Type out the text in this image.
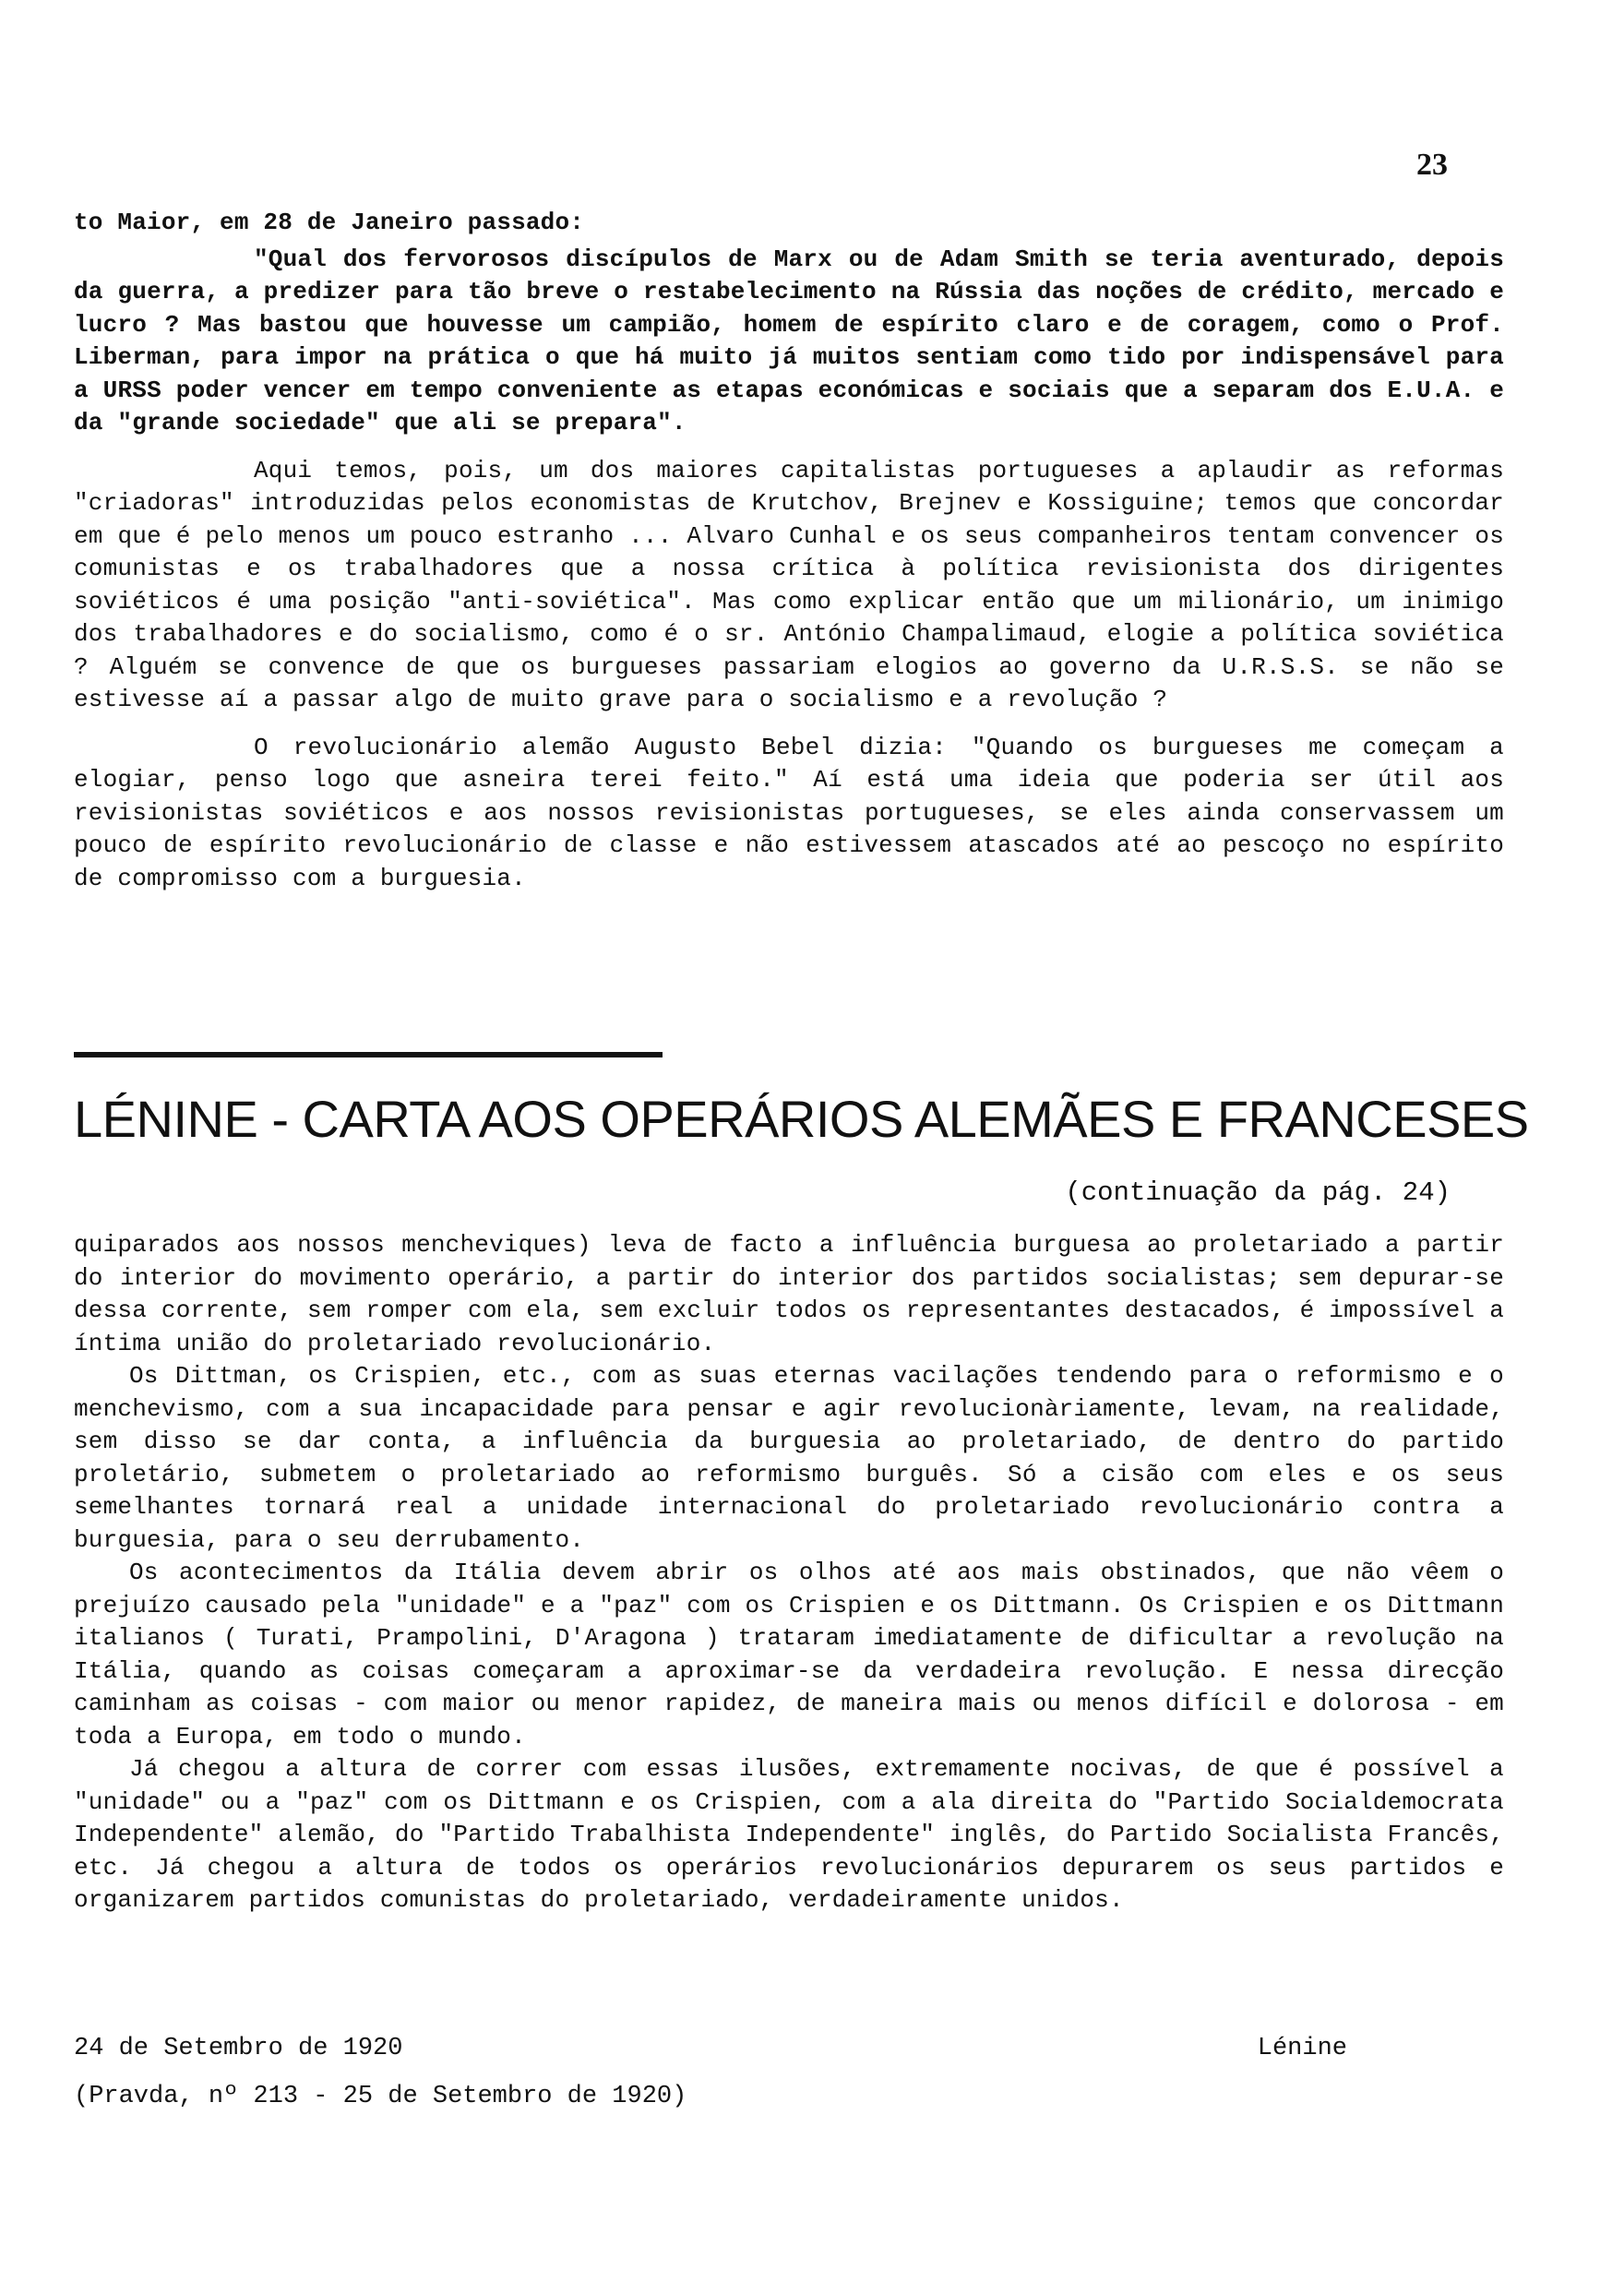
23

to Maior, em 28 de Janeiro passado:

"Qual dos fervorosos discípulos de Marx ou de Adam Smith se teria aventurado, depois da guerra, a predizer para tão breve o restabelecimento na Rússia das noções de crédito, mercado e lucro ? Mas bastou que houvesse um campião, homem de espírito claro e de coragem, como o Prof. Liberman, para impor na prática o que há muito já muitos sentiam como tido por indispensável para a URSS poder vencer em tempo conveniente as etapas económicas e sociais que a separam dos E.U.A. e da "grande sociedade" que ali se prepara".

Aqui temos, pois, um dos maiores capitalistas portugueses a aplaudir as reformas "criadoras" introduzidas pelos economistas de Krutchov, Brejnev e Kossiguine; temos que concordar em que é pelo menos um pouco estranho ... Alvaro Cunhal e os seus companheiros tentam convencer os comunistas e os trabalhadores que a nossa crítica à política revisionista dos dirigentes soviéticos é uma posição "anti-soviética". Mas como explicar então que um milionário, um inimigo dos trabalhadores e do socialismo, como é o sr. António Champalimaud, elogie a política soviética ? Alguém se convence de que os burgueses passariam elogios ao governo da U.R.S.S. se não se estivesse aí a passar algo de muito grave para o socialismo e a revolução ?

O revolucionário alemão Augusto Bebel dizia: "Quando os burgueses me começam a elogiar, penso logo que asneira terei feito." Aí está uma ideia que poderia ser útil aos revisionistas soviéticos e aos nossos revisionistas portugueses, se eles ainda conservassem um pouco de espírito revolucionário de classe e não estivessem atascados até ao pescoço no espírito de compromisso com a burguesia.

LÉNINE - CARTA AOS OPERÁRIOS ALEMÃES E FRANCESES
(continuação da pág. 24)

quiparados aos nossos mencheviques) leva de facto a influência burguesa ao proletariado a partir do interior do movimento operário, a partir do interior dos partidos socialistas; sem depurar-se dessa corrente, sem romper com ela, sem excluir todos os representantes destacados, é impossível a íntima união do proletariado revolucionário.

Os Dittman, os Crispien, etc., com as suas eternas vacilações tendendo para o reformismo e o menchevismo, com a sua incapacidade para pensar e agir revolucionàriamente, levam, na realidade, sem disso se dar conta, a influência da burguesia ao proletariado, de dentro do partido proletário, submetem o proletariado ao reformismo burguês. Só a cisão com eles e os seus semelhantes tornará real a unidade internacional do proletariado revolucionário contra a burguesia, para o seu derrubamento.

Os acontecimentos da Itália devem abrir os olhos até aos mais obstinados, que não vêem o prejuízo causado pela "unidade" e a "paz" com os Crispien e os Dittmann. Os Crispien e os Dittmann italianos ( Turati, Prampolini, D'Aragona ) trataram imediatamente de dificultar a revolução na Itália, quando as coisas começaram a aproximar-se da verdadeira revolução. E nessa direcção caminham as coisas - com maior ou menor rapidez, de maneira mais ou menos difícil e dolorosa - em toda a Europa, em todo o mundo.

Já chegou a altura de correr com essas ilusões, extremamente nocivas, de que é possível a "unidade" ou a "paz" com os Dittmann e os Crispien, com a ala direita do "Partido Socialdemocrata Independente" alemão, do "Partido Trabalhista Independente" inglês, do Partido Socialista Francês, etc. Já chegou a altura de todos os operários revolucionários depurarem os seus partidos e organizarem partidos comunistas do proletariado, verdadeiramente unidos.

24 de Setembro de 1920	Lénine
(Pravda, nº 213 - 25 de Setembro de 1920)
